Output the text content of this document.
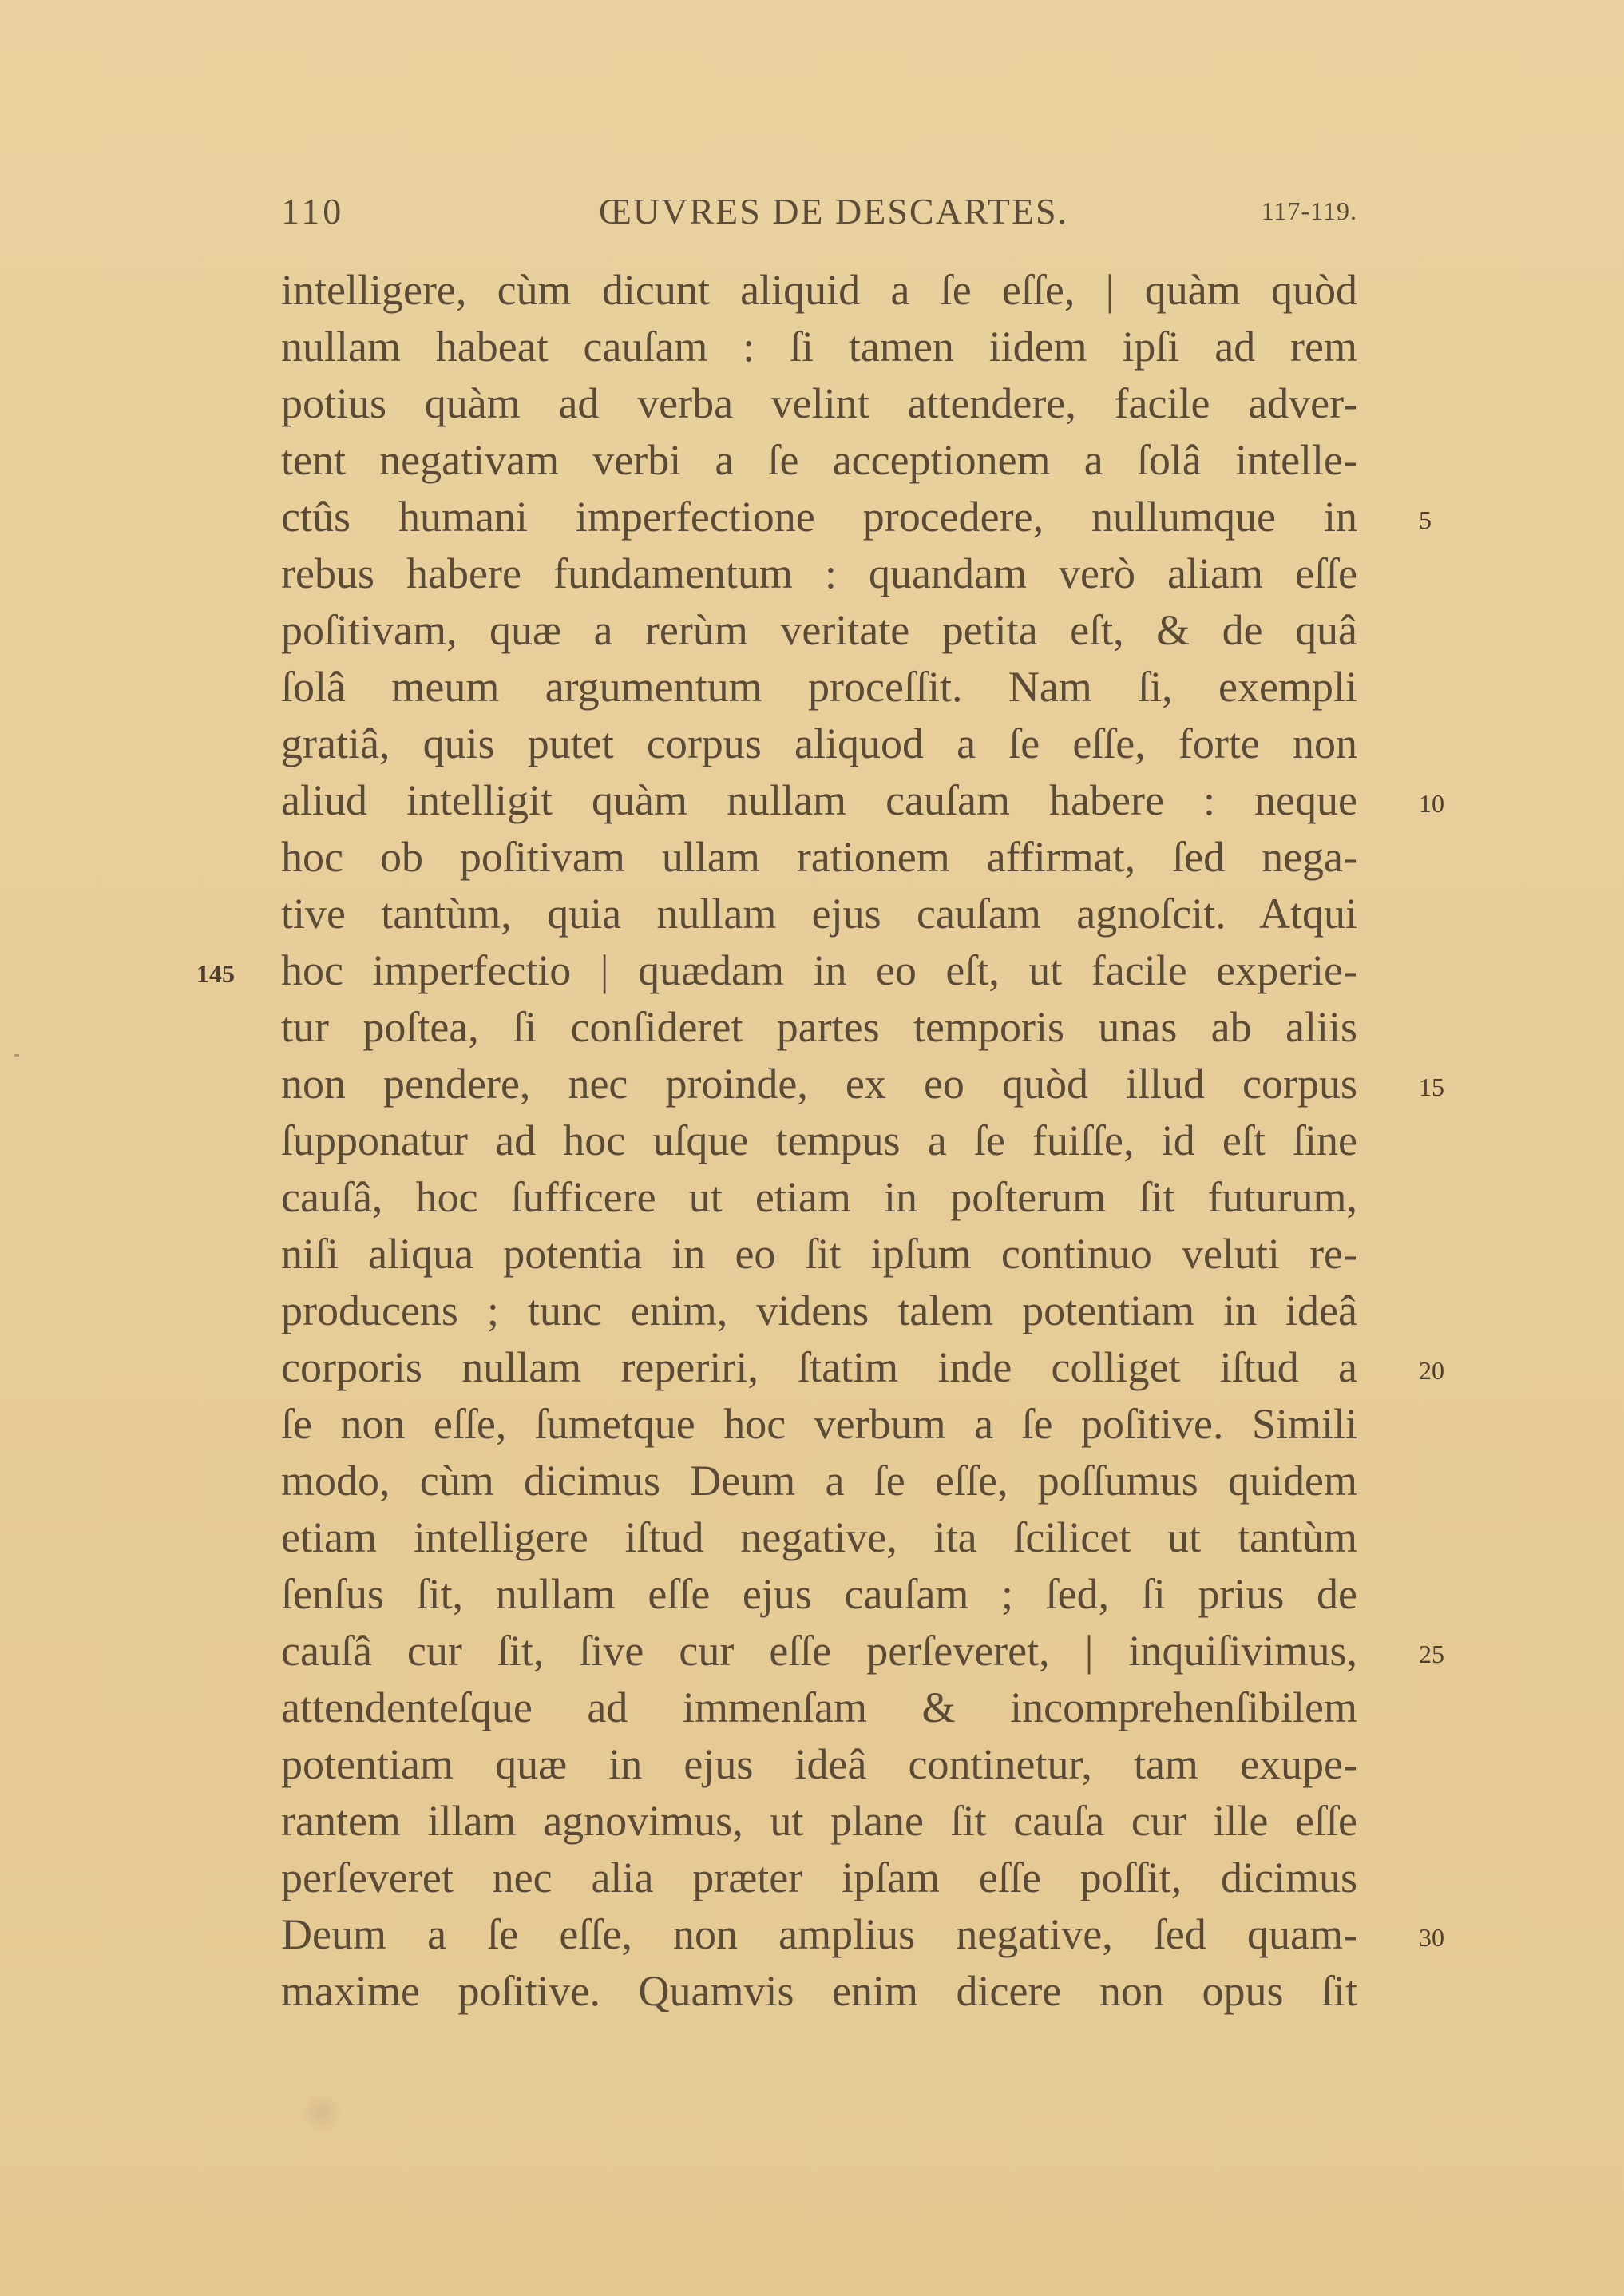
110	ŒUVRES DE DESCARTES.	117-119.
intelligere, cùm dicunt aliquid a ſe eſſe, | quàm quòd
nullam habeat cauſam : ſi tamen iidem ipſi ad rem
potius quàm ad verba velint attendere, facile adver-
tent negativam verbi a ſe acceptionem a ſolâ intelle-
ctûs humani imperfectione procedere, nullumque in
rebus habere fundamentum : quandam verò aliam eſſe
poſitivam, quæ a rerùm veritate petita eſt, & de quâ
ſolâ meum argumentum proceſſit. Nam ſi, exempli
gratiâ, quis putet corpus aliquod a ſe eſſe, forte non
aliud intelligit quàm nullam cauſam habere : neque
hoc ob poſitivam ullam rationem affirmat, ſed nega-
tive tantùm, quia nullam ejus cauſam agnoſcit. Atqui
hoc imperfectio | quædam in eo eſt, ut facile experie-
tur poſtea, ſi conſideret partes temporis unas ab aliis
non pendere, nec proinde, ex eo quòd illud corpus
ſupponatur ad hoc uſque tempus a ſe fuiſſe, id eſt ſine
cauſâ, hoc ſufficere ut etiam in poſterum ſit futurum,
niſi aliqua potentia in eo ſit ipſum continuo veluti re-
producens ; tunc enim, videns talem potentiam in ideâ
corporis nullam reperiri, ſtatim inde colliget iſtud a
ſe non eſſe, ſumetque hoc verbum a ſe poſitive. Simili
modo, cùm dicimus Deum a ſe eſſe, poſſumus quidem
etiam intelligere iſtud negative, ita ſcilicet ut tantùm
ſenſus ſit, nullam eſſe ejus cauſam ; ſed, ſi prius de
cauſâ cur ſit, ſive cur eſſe perſeveret, | inquiſivimus,
attendenteſque ad immenſam & incomprehenſibilem
potentiam quæ in ejus ideâ continetur, tam exupe-
rantem illam agnovimus, ut plane ſit cauſa cur ille eſſe
perſeveret nec alia præter ipſam eſſe poſſit, dicimus
Deum a ſe eſſe, non amplius negative, ſed quam-
maxime poſitive. Quamvis enim dicere non opus ſit
5
10
15
20
25
30
145
